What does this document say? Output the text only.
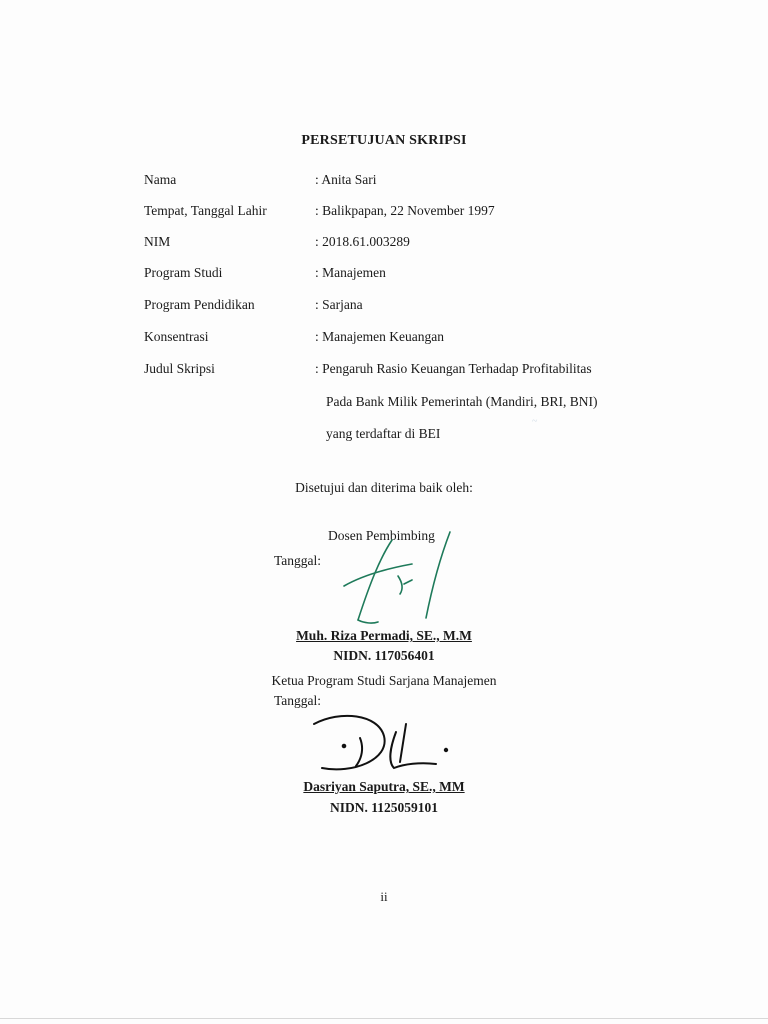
PERSETUJUAN SKRIPSI
Nama	: Anita Sari
Tempat, Tanggal Lahir	: Balikpapan, 22 November 1997
NIM	: 2018.61.003289
Program Studi	: Manajemen
Program Pendidikan	: Sarjana
Konsentrasi	: Manajemen Keuangan
Judul Skripsi	: Pengaruh Rasio Keuangan Terhadap Profitabilitas
Pada Bank Milik Pemerintah (Mandiri, BRI, BNI)
yang terdaftar di BEI
~
Disetujui dan diterima baik oleh:
Dosen Pembimbing
Tanggal:
Muh. Riza Permadi, SE., M.M
NIDN. 117056401
Ketua Program Studi Sarjana Manajemen
Tanggal:
Dasriyan Saputra, SE., MM
NIDN. 1125059101
ii
